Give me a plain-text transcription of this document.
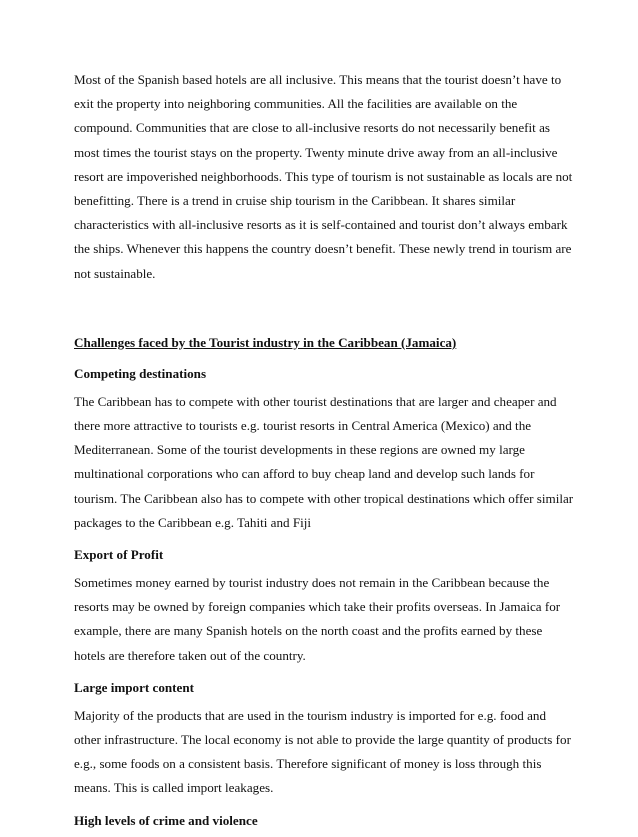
Most of the Spanish based hotels are all inclusive. This means that the tourist doesn’t have to exit the property into neighboring communities. All the facilities are available on the compound. Communities that are close to all-inclusive resorts do not necessarily benefit as most times the tourist stays on the property. Twenty minute drive away from an all-inclusive resort are impoverished neighborhoods. This type of tourism is not sustainable as locals are not benefitting. There is a trend in cruise ship tourism in the Caribbean. It shares similar characteristics with all-inclusive resorts as it is self-contained and tourist don’t always embark the ships. Whenever this happens the country doesn’t benefit. These newly trend in tourism are not sustainable.

Challenges faced by the Tourist industry in the Caribbean (Jamaica)

Competing destinations

The Caribbean has to compete with other tourist destinations that are larger and cheaper and there more attractive to tourists e.g. tourist resorts in Central America (Mexico) and the Mediterranean. Some of the tourist developments in these regions are owned my large multinational corporations who can afford to buy cheap land and develop such lands for tourism. The Caribbean also has to compete with other tropical destinations which offer similar packages to the Caribbean e.g. Tahiti and Fiji

Export of Profit

Sometimes money earned by tourist industry does not remain in the Caribbean because the resorts may be owned by foreign companies which take their profits overseas. In Jamaica for example, there are many Spanish hotels on the north coast and the profits earned by these hotels are therefore taken out of the country.

Large import content

Majority of the products that are used in the tourism industry is imported for e.g. food and other infrastructure. The local economy is not able to provide the large quantity of products for e.g., some foods on a consistent basis. Therefore significant of money is loss through this means. This is called import leakages.

High levels of crime and violence
